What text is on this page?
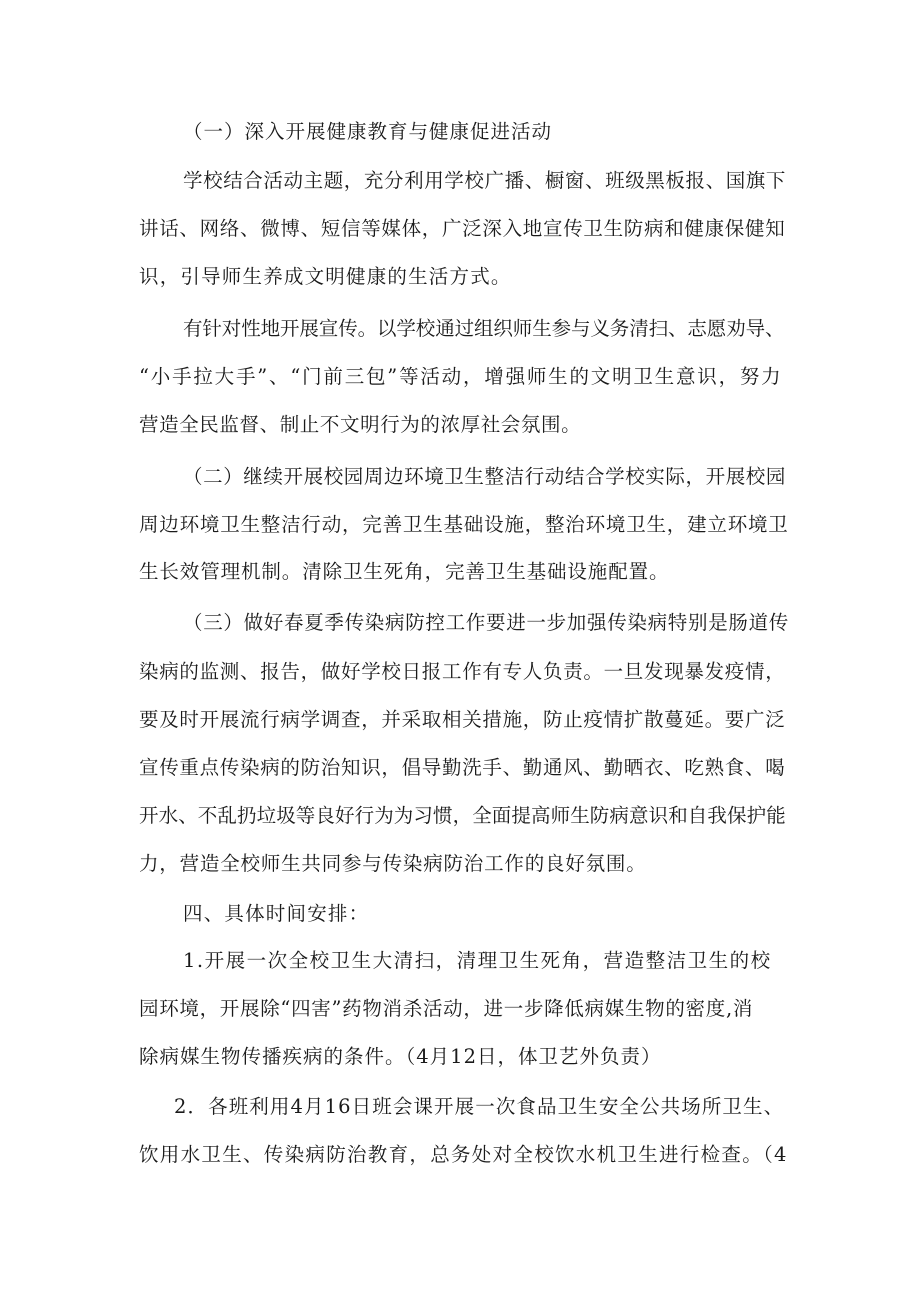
（一）深入开展健康教育与健康促进活动
学校结合活动主题，充分利用学校广播、橱窗、班级黑板报、国旗下
讲话、网络、微博、短信等媒体，广泛深入地宣传卫生防病和健康保健知
识，引导师生养成文明健康的生活方式。
有针对性地开展宣传。以学校通过组织师生参与义务清扫、志愿劝导、
“小手拉大手”、“门前三包”等活动，增强师生的文明卫生意识，努力
营造全民监督、制止不文明行为的浓厚社会氛围。
（二）继续开展校园周边环境卫生整洁行动结合学校实际，开展校园
周边环境卫生整洁行动，完善卫生基础设施，整治环境卫生，建立环境卫
生长效管理机制。清除卫生死角，完善卫生基础设施配置。
（三）做好春夏季传染病防控工作要进一步加强传染病特别是肠道传
染病的监测、报告，做好学校日报工作有专人负责。一旦发现暴发疫情，
要及时开展流行病学调查，并采取相关措施，防止疫情扩散蔓延。要广泛
宣传重点传染病的防治知识，倡导勤洗手、勤通风、勤晒衣、吃熟食、喝
开水、不乱扔垃圾等良好行为为习惯，全面提高师生防病意识和自我保护能
力，营造全校师生共同参与传染病防治工作的良好氛围。
四、具体时间安排：
1.开展一次全校卫生大清扫，清理卫生死角，营造整洁卫生的校
园环境，开展除“四害”药物消杀活动，进一步降低病媒生物的密度,消
除病媒生物传播疾病的条件。（4月12日，体卫艺外负责）
2．各班利用4月16日班会课开展一次食品卫生安全公共场所卫生、
饮用水卫生、传染病防治教育，总务处对全校饮水机卫生进行检查。（4
